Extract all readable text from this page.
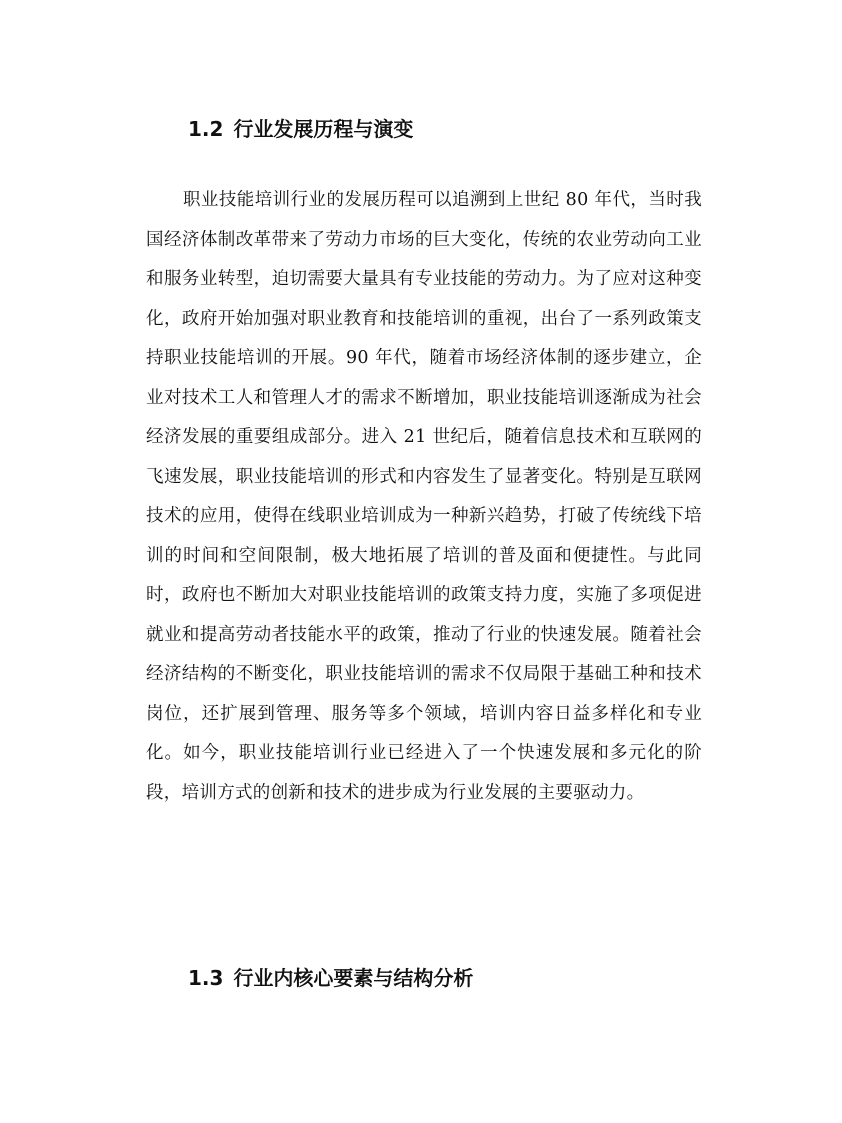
1.2 行业发展历程与演变

职业技能培训行业的发展历程可以追溯到上世纪 80 年代，当时我国经济体制改革带来了劳动力市场的巨大变化，传统的农业劳动向工业和服务业转型，迫切需要大量具有专业技能的劳动力。为了应对这种变化，政府开始加强对职业教育和技能培训的重视，出台了一系列政策支持职业技能培训的开展。90 年代，随着市场经济体制的逐步建立，企业对技术工人和管理人才的需求不断增加，职业技能培训逐渐成为社会经济发展的重要组成部分。进入 21 世纪后，随着信息技术和互联网的飞速发展，职业技能培训的形式和内容发生了显著变化。特别是互联网技术的应用，使得在线职业培训成为一种新兴趋势，打破了传统线下培训的时间和空间限制，极大地拓展了培训的普及面和便捷性。与此同时，政府也不断加大对职业技能培训的政策支持力度，实施了多项促进就业和提高劳动者技能水平的政策，推动了行业的快速发展。随着社会经济结构的不断变化，职业技能培训的需求不仅局限于基础工种和技术岗位，还扩展到管理、服务等多个领域，培训内容日益多样化和专业化。如今，职业技能培训行业已经进入了一个快速发展和多元化的阶段，培训方式的创新和技术的进步成为行业发展的主要驱动力。

1.3 行业内核心要素与结构分析
